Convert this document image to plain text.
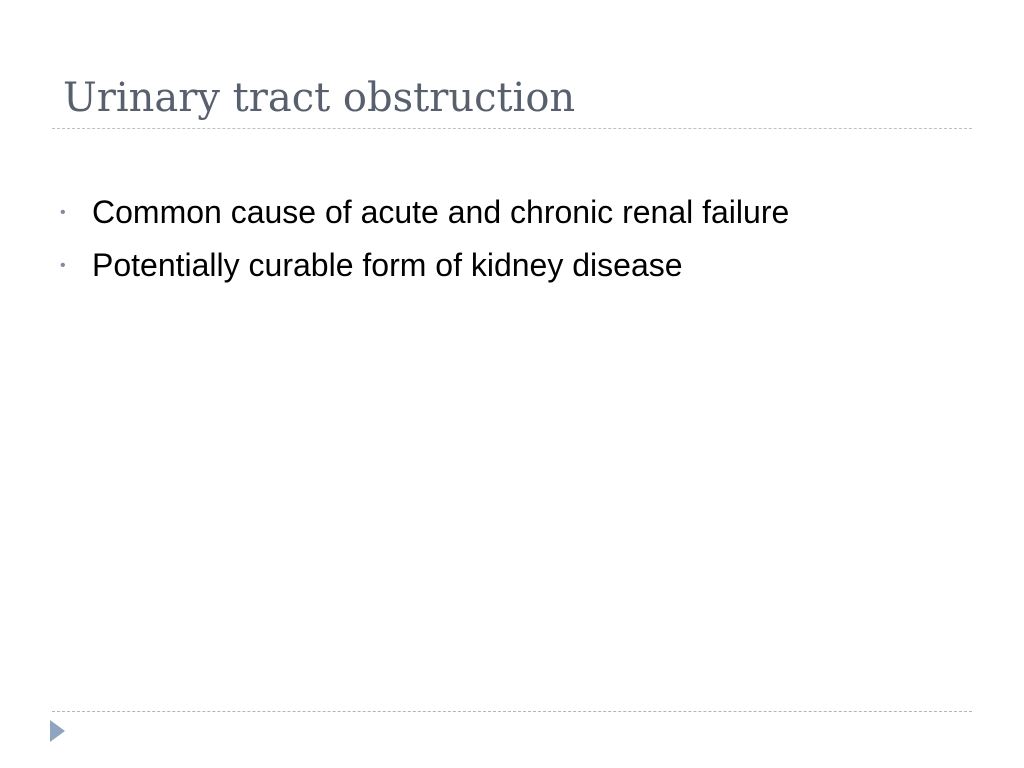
Urinary tract obstruction
• Common cause of acute and chronic renal failure
• Potentially curable form of kidney disease
